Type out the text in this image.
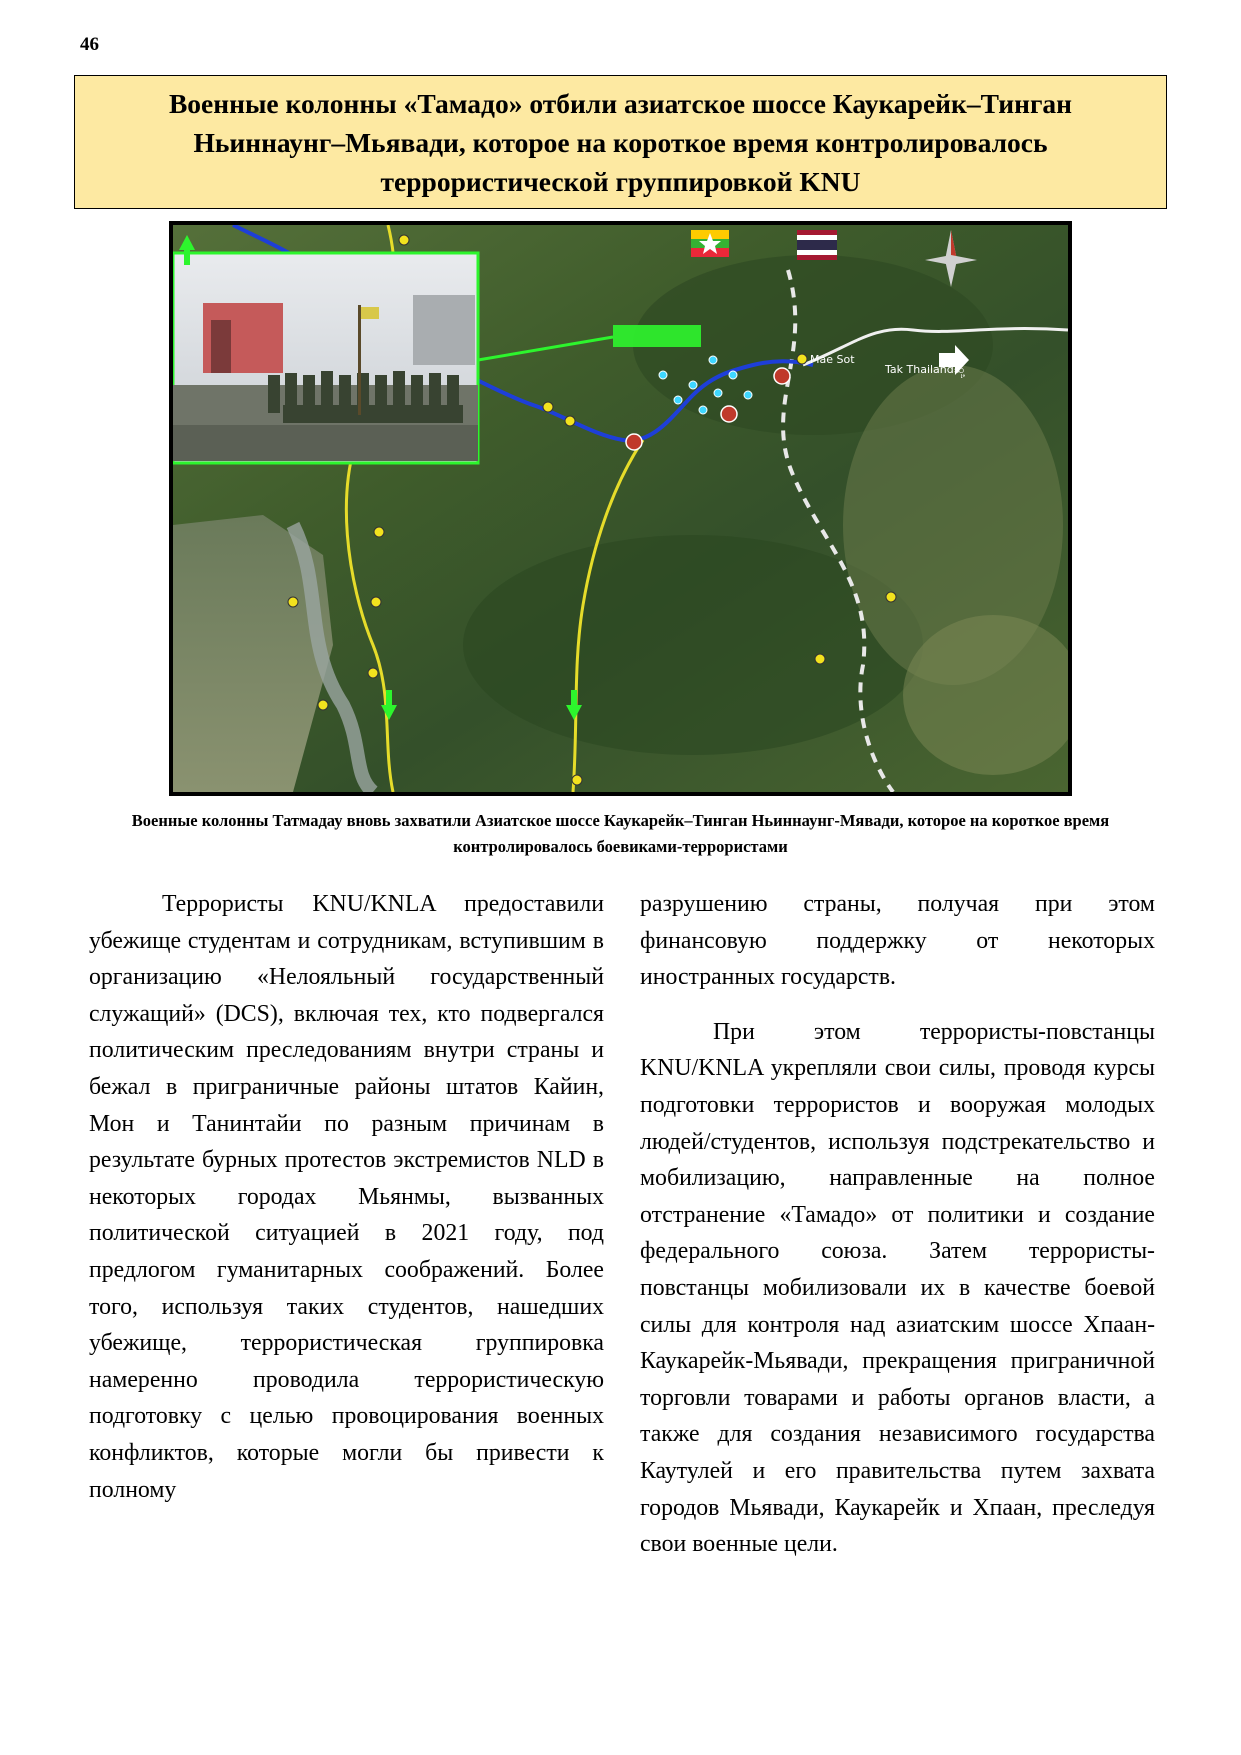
46
Военные колонны «Тамадо» отбили азиатское шоссе Каукарейк–Тинган Ньиннаунг–Мьявади, которое на короткое время контролировалось террористической группировкой KNU
Mae Sot
Tak Thailandသို့
Военные колонны Татмадау вновь захватили Азиатское шоссе Каукарейк–Тинган Ньиннаунг-Мявади, которое на короткое время контролировалось боевиками-террористами

Террористы KNU/KNLA предоставили убежище студентам и сотрудникам, вступившим в организацию «Нелояльный государственный служащий» (DCS), включая тех, кто подвергался политическим преследованиям внутри страны и бежал в приграничные районы штатов Кайин, Мон и Танинтайи по разным причинам в результате бурных протестов экстремистов NLD в некоторых городах Мьянмы, вызванных политической ситуацией в 2021 году, под предлогом гуманитарных соображений. Более того, используя таких студентов, нашедших убежище, террористическая группировка намеренно проводила террористическую подготовку с целью провоцирования военных конфликтов, которые могли бы привести к полному

разрушению страны, получая при этом финансовую поддержку от некоторых иностранных государств.

При этом террористы-повстанцы KNU/KNLA укрепляли свои силы, проводя курсы подготовки террористов и вооружая молодых людей/студентов, используя подстрекательство и мобилизацию, направленные на полное отстранение «Тамадо» от политики и создание федерального союза. Затем террористы-повстанцы мобилизовали их в качестве боевой силы для контроля над азиатским шоссе Хпаан-Каукарейк-Мьявади, прекращения приграничной торговли товарами и работы органов власти, а также для создания независимого государства Каутулей и его правительства путем захвата городов Мьявади, Каукарейк и Хпаан, преследуя свои военные цели.
